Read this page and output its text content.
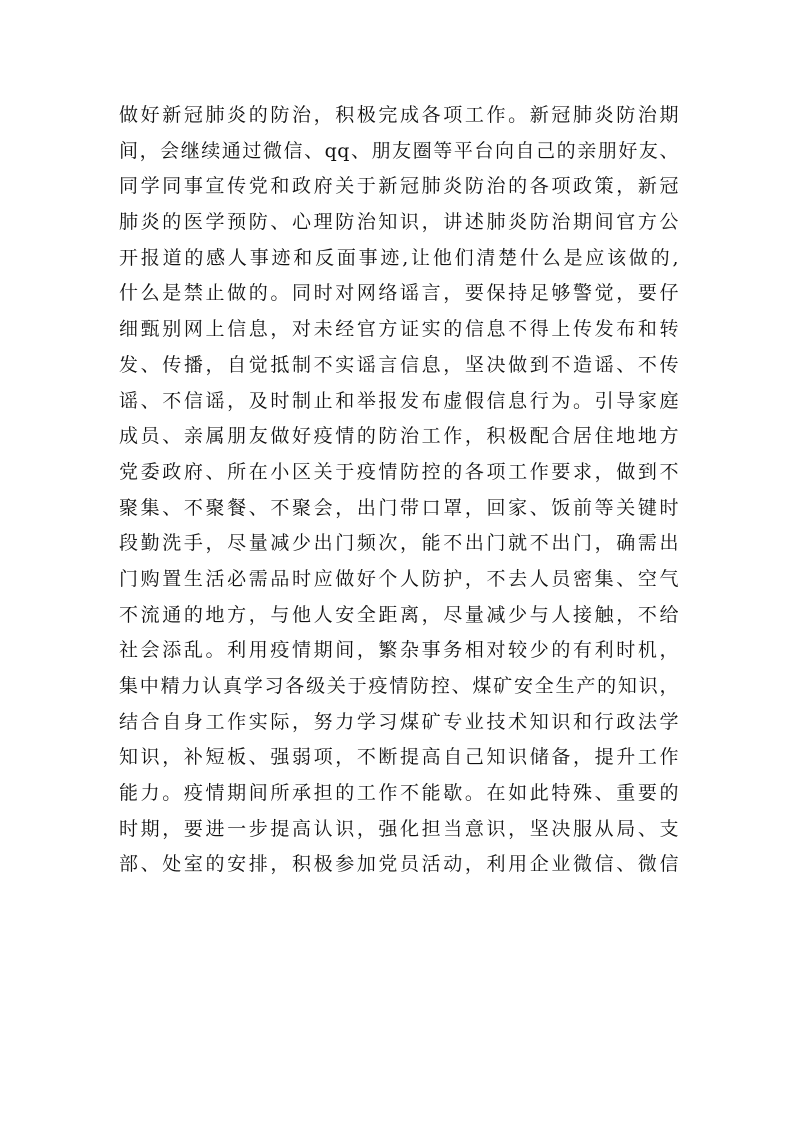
做好新冠肺炎的防治，积极完成各项工作。新冠肺炎防治期
间，会继续通过微信、qq、朋友圈等平台向自己的亲朋好友、
同学同事宣传党和政府关于新冠肺炎防治的各项政策，新冠
肺炎的医学预防、心理防治知识，讲述肺炎防治期间官方公
开报道的感人事迹和反面事迹,让他们清楚什么是应该做的,
什么是禁止做的。同时对网络谣言，要保持足够警觉，要仔
细甄别网上信息，对未经官方证实的信息不得上传发布和转
发、传播，自觉抵制不实谣言信息，坚决做到不造谣、不传
谣、不信谣，及时制止和举报发布虚假信息行为。引导家庭
成员、亲属朋友做好疫情的防治工作，积极配合居住地地方
党委政府、所在小区关于疫情防控的各项工作要求，做到不
聚集、不聚餐、不聚会，出门带口罩，回家、饭前等关键时
段勤洗手，尽量减少出门频次，能不出门就不出门，确需出
门购置生活必需品时应做好个人防护，不去人员密集、空气
不流通的地方，与他人安全距离，尽量减少与人接触，不给
社会添乱。利用疫情期间，繁杂事务相对较少的有利时机，
集中精力认真学习各级关于疫情防控、煤矿安全生产的知识，
结合自身工作实际，努力学习煤矿专业技术知识和行政法学
知识，补短板、强弱项，不断提高自己知识储备，提升工作
能力。疫情期间所承担的工作不能歇。在如此特殊、重要的
时期，要进一步提高认识，强化担当意识，坚决服从局、支
部、处室的安排，积极参加党员活动，利用企业微信、微信
